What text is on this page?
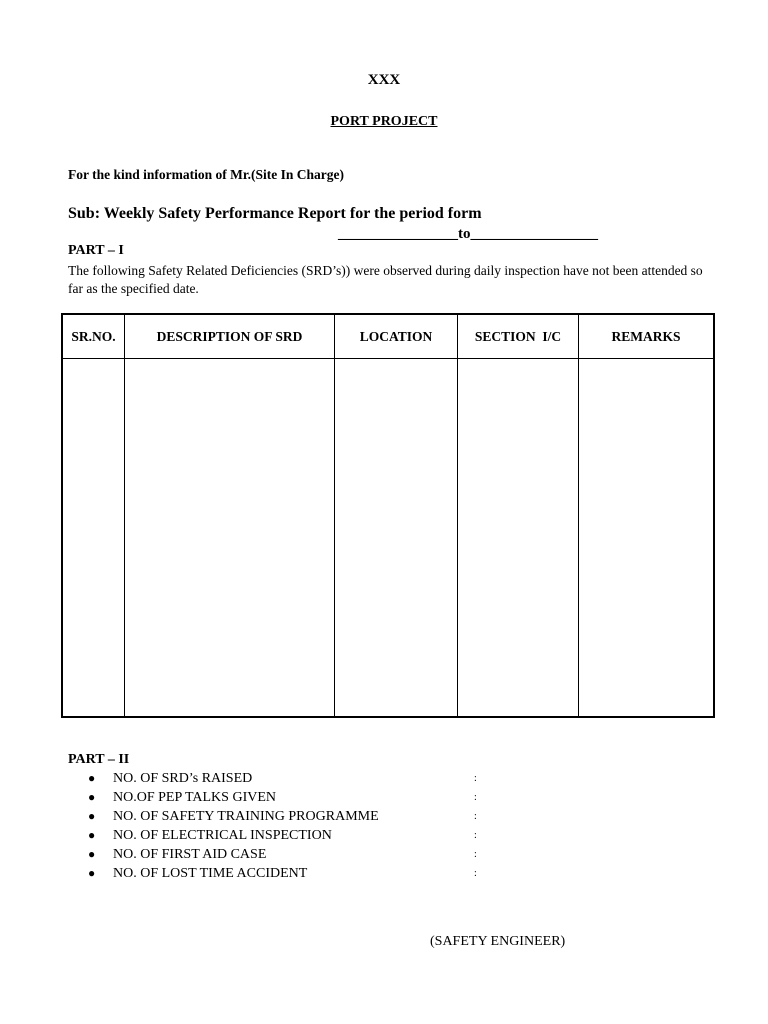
XXX
PORT PROJECT
For the kind information of Mr.(Site In Charge)
Sub: Weekly Safety Performance Report for the period form
________________to_________________
PART – I
The following Safety Related Deficiencies (SRD’s)) were observed during daily inspection have not been attended so far as the specified date.
SR.NO.	DESCRIPTION OF SRD	LOCATION	SECTION  I/C	REMARKS
PART – II
● NO. OF SRD’s RAISED	:
● NO.OF PEP TALKS GIVEN	:
● NO. OF SAFETY TRAINING PROGRAMME	:
● NO. OF ELECTRICAL INSPECTION	:
● NO. OF FIRST AID CASE	:
● NO. OF LOST TIME ACCIDENT	:
(SAFETY ENGINEER)
